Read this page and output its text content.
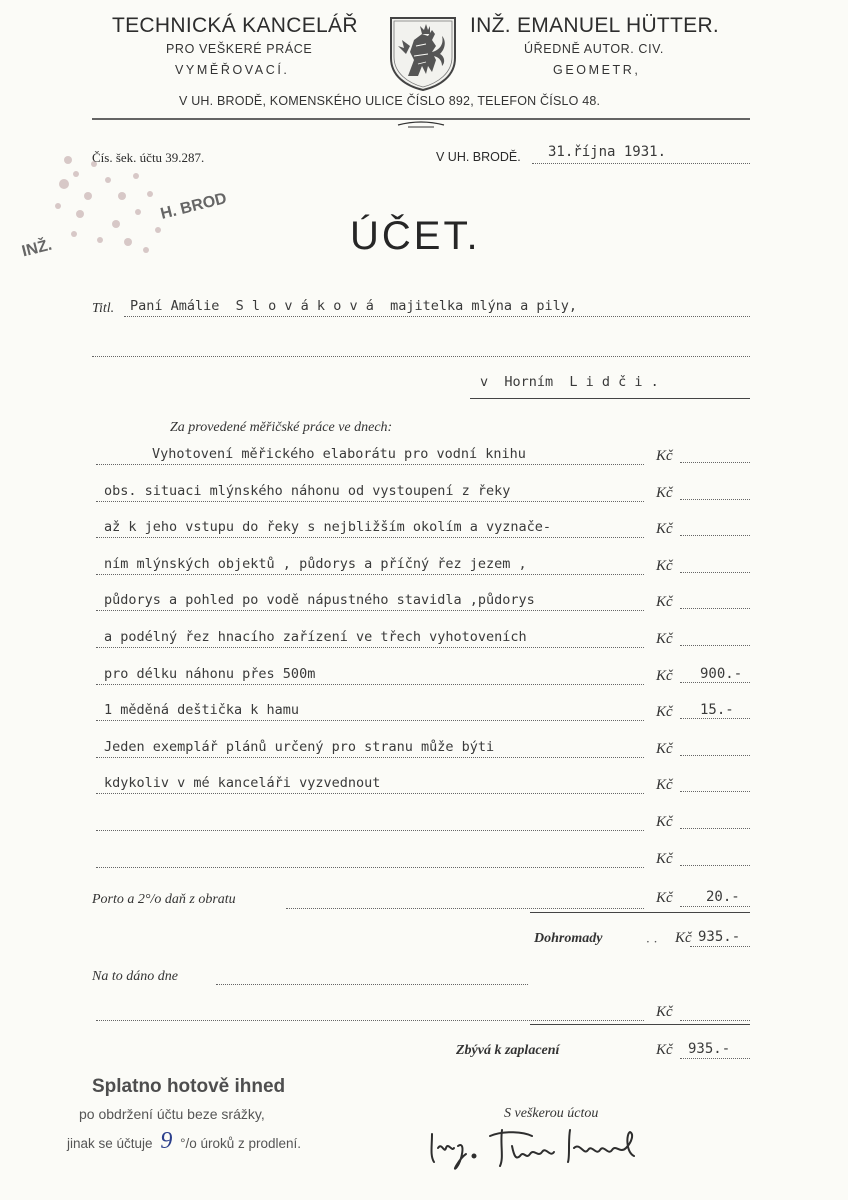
TECHNICKÁ KANCELÁŘ
PRO VEŠKERÉ PRÁCE
VYMĚŘOVACÍ.
INŽ. EMANUEL HÜTTER.
ÚŘEDNĚ AUTOR. CIV.
GEOMETR,
V UH. BRODĚ, KOMENSKÉHO ULICE ČÍSLO 892, TELEFON ČÍSLO 48.
INŽ.
H. BROD
Čís. šek. účtu 39.287.	V UH. BRODĚ. 31.října 1931.
ÚČET.
Titl. Paní Amálie  S l o v á k o v á  majitelka mlýna a pily,
v  Horním  L i d č i .
Za provedené měřičské práce ve dnech:
Vyhotovení měřického elaborátu pro vodní knihu	Kč
obs. situaci mlýnského náhonu od vystoupení z řeky	Kč
až k jeho vstupu do řeky s nejbližším okolím a vyznače-	Kč
ním mlýnských objektů , půdorys a příčný řez jezem ,	Kč
půdorys a pohled po vodě nápustného stavidla ,půdorys	Kč
a podélný řez hnacího zařízení ve třech vyhotoveních	Kč
pro délku náhonu přes 500m	Kč 900.-
1 měděná deštička k hamu	Kč 15.-
Jeden exemplář plánů určený pro stranu může býti	Kč
kdykoliv v mé kanceláři vyzvednout	Kč
Kč
Kč
Porto a 2°/o daň z obratu	Kč 20.-
Dohromady	· · Kč 935.-
Na to dáno dne
Kč
Zbývá k zaplacení	Kč 935.-
Splatno hotově ihned
po obdržení účtu beze srážky,
jinak se účtuje 9 °/o úroků z prodlení.
S veškerou úctou
